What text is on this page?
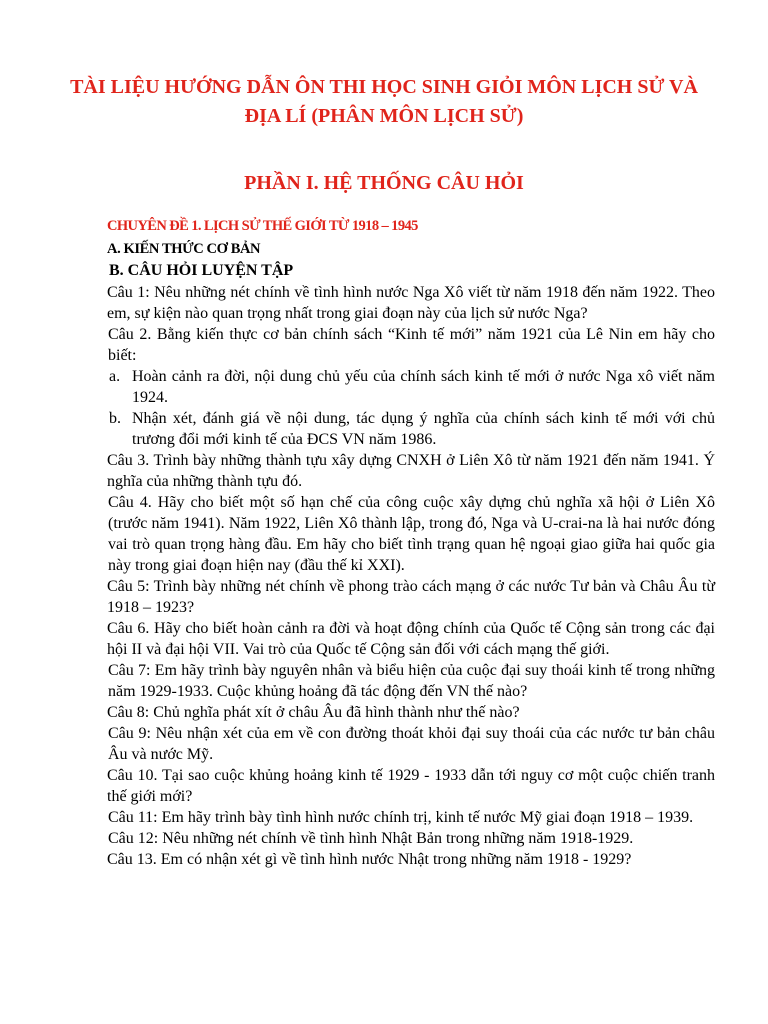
TÀI LIỆU HƯỚNG DẪN ÔN THI HỌC SINH GIỎI MÔN LỊCH SỬ VÀ ĐỊA LÍ (PHÂN MÔN LỊCH SỬ)
PHẦN I. HỆ THỐNG CÂU HỎI

CHUYÊN ĐỀ 1. LỊCH SỬ THẾ GIỚI TỪ 1918 – 1945

A. KIẾN THỨC CƠ BẢN

B. CÂU HỎI LUYỆN TẬP

Câu 1: Nêu những nét chính về tình hình nước Nga Xô viết từ năm 1918 đến năm 1922. Theo em, sự kiện nào quan trọng nhất trong giai đoạn này của lịch sử nước Nga?

Câu 2. Bằng kiến thực cơ bản chính sách “Kinh tế mới” năm 1921 của Lê Nin em hãy cho biết:

a. Hoàn cảnh ra đời, nội dung chủ yếu của chính sách kinh tế mới ở nước Nga xô viết năm 1924.
b. Nhận xét, đánh giá về nội dung, tác dụng ý nghĩa của chính sách kinh tế mới với chủ trương đổi mới kinh tế của ĐCS VN năm 1986.

Câu 3. Trình bày những thành tựu xây dựng CNXH ở Liên Xô từ năm 1921 đến năm 1941. Ý nghĩa của những thành tựu đó.

Câu 4. Hãy cho biết một số hạn chế của công cuộc xây dựng chủ nghĩa xã hội ở Liên Xô (trước năm 1941). Năm 1922, Liên Xô thành lập, trong đó, Nga và U-crai-na là hai nước đóng vai trò quan trọng hàng đầu. Em hãy cho biết tình trạng quan hệ ngoại giao giữa hai quốc gia này trong giai đoạn hiện nay (đầu thế kỉ XXI).

Câu 5: Trình bày những nét chính về phong trào cách mạng ở các nước Tư bản và Châu Âu từ 1918 – 1923?

Câu 6. Hãy cho biết hoàn cảnh ra đời và hoạt động chính của Quốc tế Cộng sản trong các đại hội II và đại hội VII. Vai trò của Quốc tế Cộng sản đối với cách mạng thế giới.

Câu 7: Em hãy trình bày nguyên nhân và biểu hiện của cuộc đại suy thoái kinh tế trong những năm 1929-1933. Cuộc khủng hoảng đã tác động đến VN thế nào?

Câu 8: Chủ nghĩa phát xít ở châu Âu đã hình thành như thế nào?

Câu 9: Nêu nhận xét của em về con đường thoát khỏi đại suy thoái của các nước tư bản châu Âu và nước Mỹ.

Câu 10. Tại sao cuộc khủng hoảng kinh tế 1929 - 1933 dẫn tới nguy cơ một cuộc chiến tranh thế giới mới?

Câu 11: Em hãy trình bày tình hình nước chính trị, kinh tế nước Mỹ giai đoạn 1918 – 1939.

Câu 12: Nêu những nét chính về tình hình Nhật Bản trong những năm 1918-1929.

Câu 13. Em có nhận xét gì về tình hình nước Nhật trong những năm 1918 - 1929?
